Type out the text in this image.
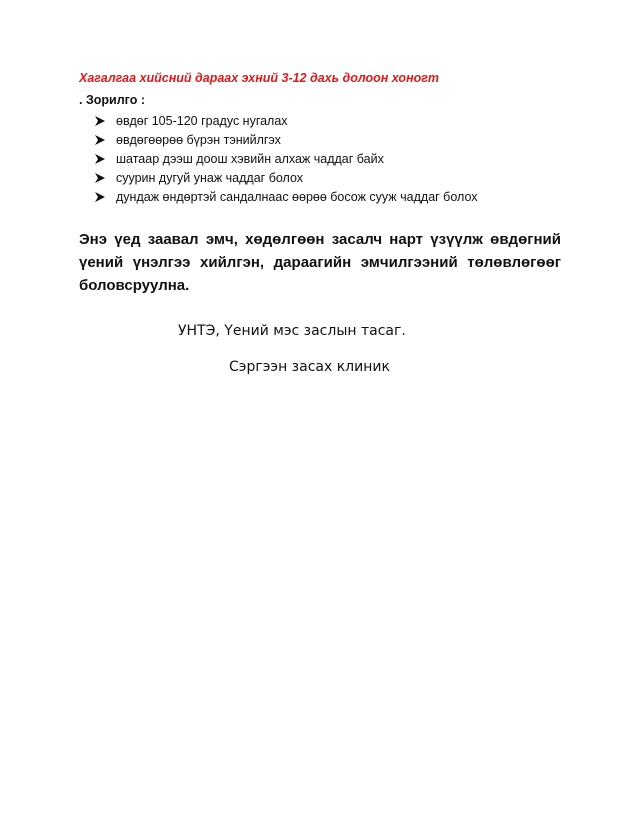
Хагалгаа хийсний дараах эхний 3-12 дахь долоон хоногт
. Зорилго :
өвдөг 105-120 градус нугалах
өвдөгөөрөө бүрэн тэнийлгэх
шатаар дээш доош хэвийн алхаж чаддаг байх
суурин дугуй унаж чаддаг болох
дундаж өндөртэй сандалнаас өөрөө босож сууж чаддаг болох
Энэ үед заавал эмч, хөдөлгөөн засалч нарт үзүүлж өвдөгний үений үнэлгээ хийлгэн, дараагийн эмчилгээний төлөвлөгөөг боловсруулна.
УНТЭ, Үений мэс заслын тасаг.
Сэргээн засах клиник
